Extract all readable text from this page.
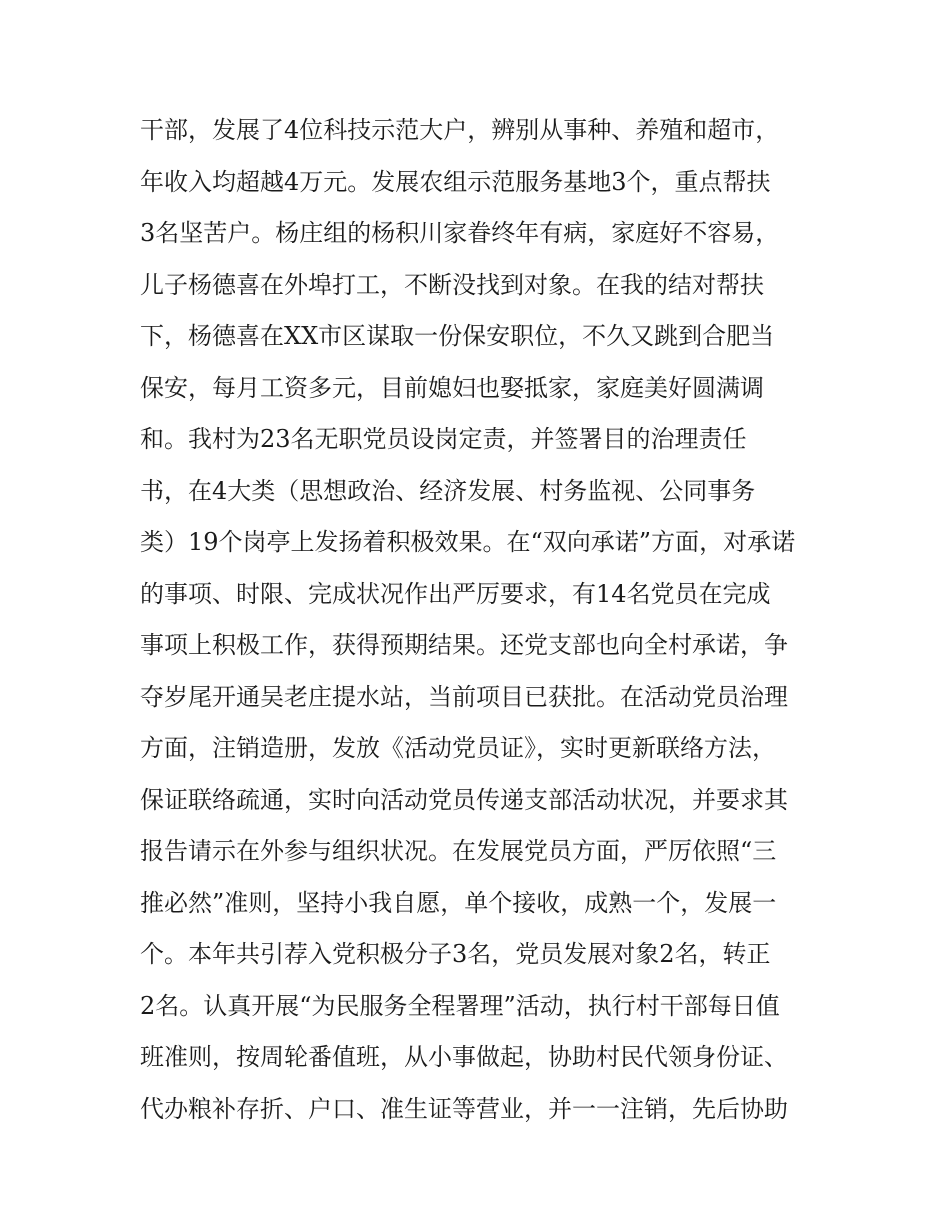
干部，发展了4位科技示范大户，辨别从事种、养殖和超市，
年收入均超越4万元。发展农组示范服务基地3个，重点帮扶
3名坚苦户。杨庄组的杨积川家眷终年有病，家庭好不容易，
儿子杨德喜在外埠打工，不断没找到对象。在我的结对帮扶
下，杨德喜在XX市区谋取一份保安职位，不久又跳到合肥当
保安，每月工资多元，目前媳妇也娶抵家，家庭美好圆满调
和。我村为23名无职党员设岗定责，并签署目的治理责任
书，在4大类（思想政治、经济发展、村务监视、公同事务
类）19个岗亭上发扬着积极效果。在“双向承诺”方面，对承诺
的事项、时限、完成状况作出严厉要求，有14名党员在完成
事项上积极工作，获得预期结果。还党支部也向全村承诺，争
夺岁尾开通吴老庄提水站，当前项目已获批。在活动党员治理
方面，注销造册，发放《活动党员证》，实时更新联络方法，
保证联络疏通，实时向活动党员传递支部活动状况，并要求其
报告请示在外参与组织状况。在发展党员方面，严厉依照“三
推必然”准则，坚持小我自愿，单个接收，成熟一个，发展一
个。本年共引荐入党积极分子3名，党员发展对象2名，转正
2名。认真开展“为民服务全程署理”活动，执行村干部每日值
班准则，按周轮番值班，从小事做起，协助村民代领身份证、
代办粮补存折、户口、准生证等营业，并一一注销，先后协助
